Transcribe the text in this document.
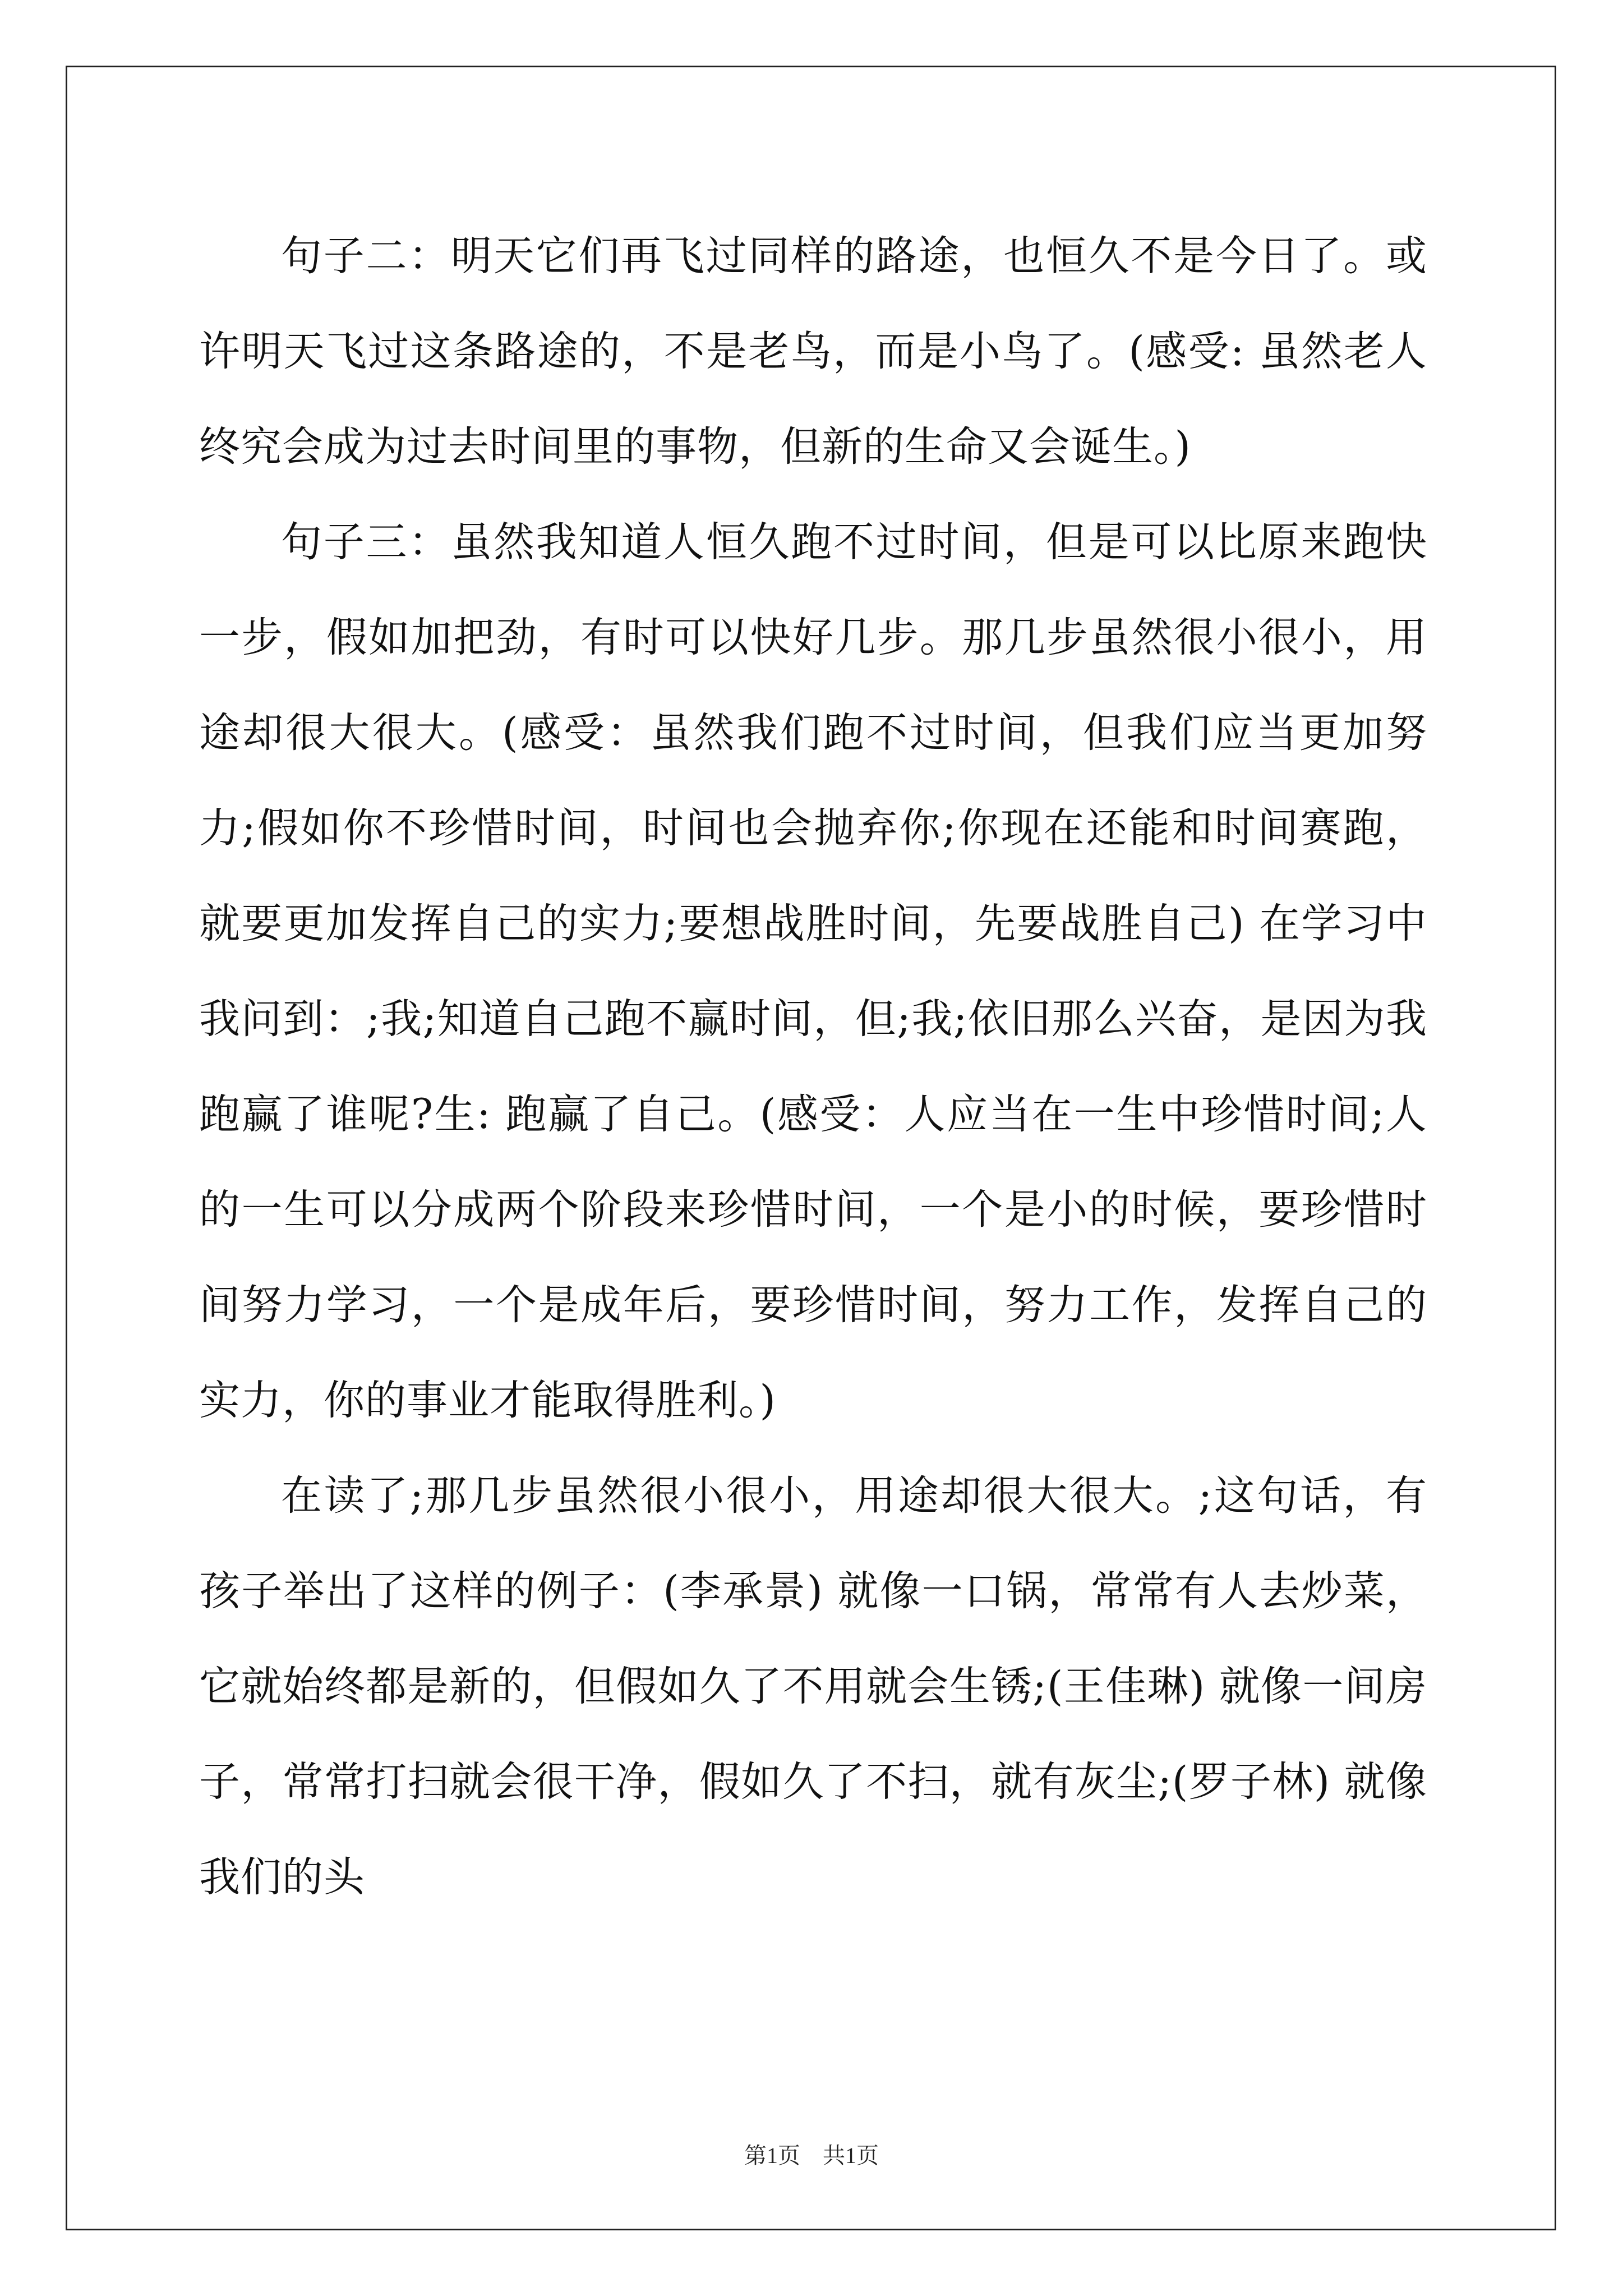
句子二：明天它们再飞过同样的路途，也恒久不是今日了。或许明天飞过这条路途的，不是老鸟，而是小鸟了。(感受: 虽然老人终究会成为过去时间里的事物，但新的生命又会诞生。)

句子三：虽然我知道人恒久跑不过时间，但是可以比原来跑快一步，假如加把劲，有时可以快好几步。那几步虽然很小很小，用途却很大很大。(感受：虽然我们跑不过时间，但我们应当更加努力;假如你不珍惜时间，时间也会抛弃你;你现在还能和时间赛跑，就要更加发挥自己的实力;要想战胜时间，先要战胜自己) 在学习中我问到：;我;知道自己跑不赢时间，但;我;依旧那么兴奋，是因为我跑赢了谁呢?生: 跑赢了自己。(感受：人应当在一生中珍惜时间;人的一生可以分成两个阶段来珍惜时间，一个是小的时候，要珍惜时间努力学习，一个是成年后，要珍惜时间，努力工作，发挥自己的实力，你的事业才能取得胜利。)

在读了;那几步虽然很小很小，用途却很大很大。;这句话，有孩子举出了这样的例子：(李承景) 就像一口锅，常常有人去炒菜，它就始终都是新的，但假如久了不用就会生锈;(王佳琳) 就像一间房子，常常打扫就会很干净，假如久了不扫，就有灰尘;(罗子林) 就像我们的头

第1页　共1页
